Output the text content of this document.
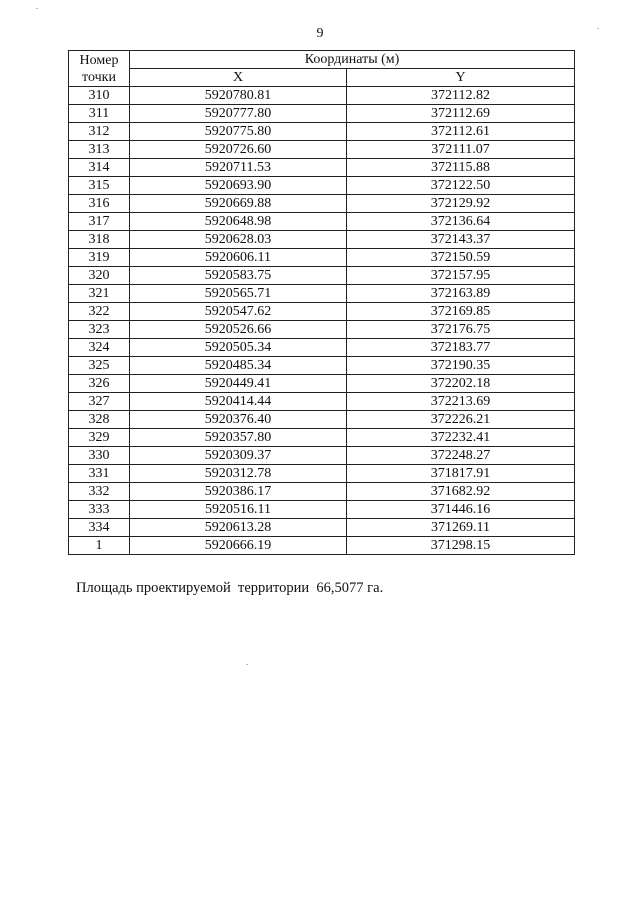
9
Номер
точки	Координаты (м)	
	X	Y
310	5920780.81	372112.82
311	5920777.80	372112.69
312	5920775.80	372112.61
313	5920726.60	372111.07
314	5920711.53	372115.88
315	5920693.90	372122.50
316	5920669.88	372129.92
317	5920648.98	372136.64
318	5920628.03	372143.37
319	5920606.11	372150.59
320	5920583.75	372157.95
321	5920565.71	372163.89
322	5920547.62	372169.85
323	5920526.66	372176.75
324	5920505.34	372183.77
325	5920485.34	372190.35
326	5920449.41	372202.18
327	5920414.44	372213.69
328	5920376.40	372226.21
329	5920357.80	372232.41
330	5920309.37	372248.27
331	5920312.78	371817.91
332	5920386.17	371682.92
333	5920516.11	371446.16
334	5920613.28	371269.11
1	5920666.19	371298.15
Площадь проектируемой  территории  66,5077 га.
